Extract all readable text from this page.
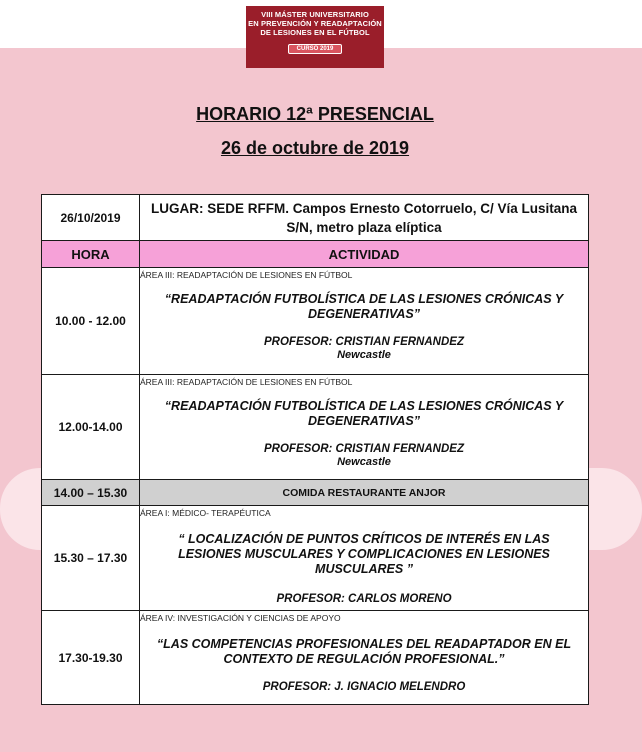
VIII MÁSTER UNIVERSITARIO
EN PREVENCIÓN Y READAPTACIÓN
DE LESIONES EN EL FÚTBOL
CURSO 2019
HORARIO 12ª PRESENCIAL
26 de octubre de 2019
26/10/2019	LUGAR: SEDE RFFM. Campos Ernesto Cotorruelo, C/ Vía Lusitana S/N, metro plaza elíptica
HORA	ACTIVIDAD
10.00 - 12.00	ÁREA III: READAPTACIÓN DE LESIONES EN FÚTBOL
“READAPTACIÓN FUTBOLÍSTICA DE LAS LESIONES CRÓNICAS Y DEGENERATIVAS”
PROFESOR: CRISTIAN FERNANDEZ
Newcastle

12.00-14.00	ÁREA III: READAPTACIÓN DE LESIONES EN FÚTBOL
“READAPTACIÓN FUTBOLÍSTICA DE LAS LESIONES CRÓNICAS Y DEGENERATIVAS”
PROFESOR: CRISTIAN FERNANDEZ
Newcastle

14.00 – 15.30	COMIDA RESTAURANTE ANJOR
15.30 – 17.30	ÁREA I: MÉDICO- TERAPÉUTICA
“ LOCALIZACIÓN DE PUNTOS CRÍTICOS DE INTERÉS EN LAS LESIONES MUSCULARES Y COMPLICACIONES EN LESIONES MUSCULARES ”
PROFESOR: CARLOS MORENO

17.30-19.30	ÁREA IV: INVESTIGACIÓN Y CIENCIAS DE APOYO
“LAS COMPETENCIAS PROFESIONALES DEL READAPTADOR EN EL CONTEXTO DE REGULACIÓN PROFESIONAL.”
PROFESOR: J. IGNACIO MELENDRO
